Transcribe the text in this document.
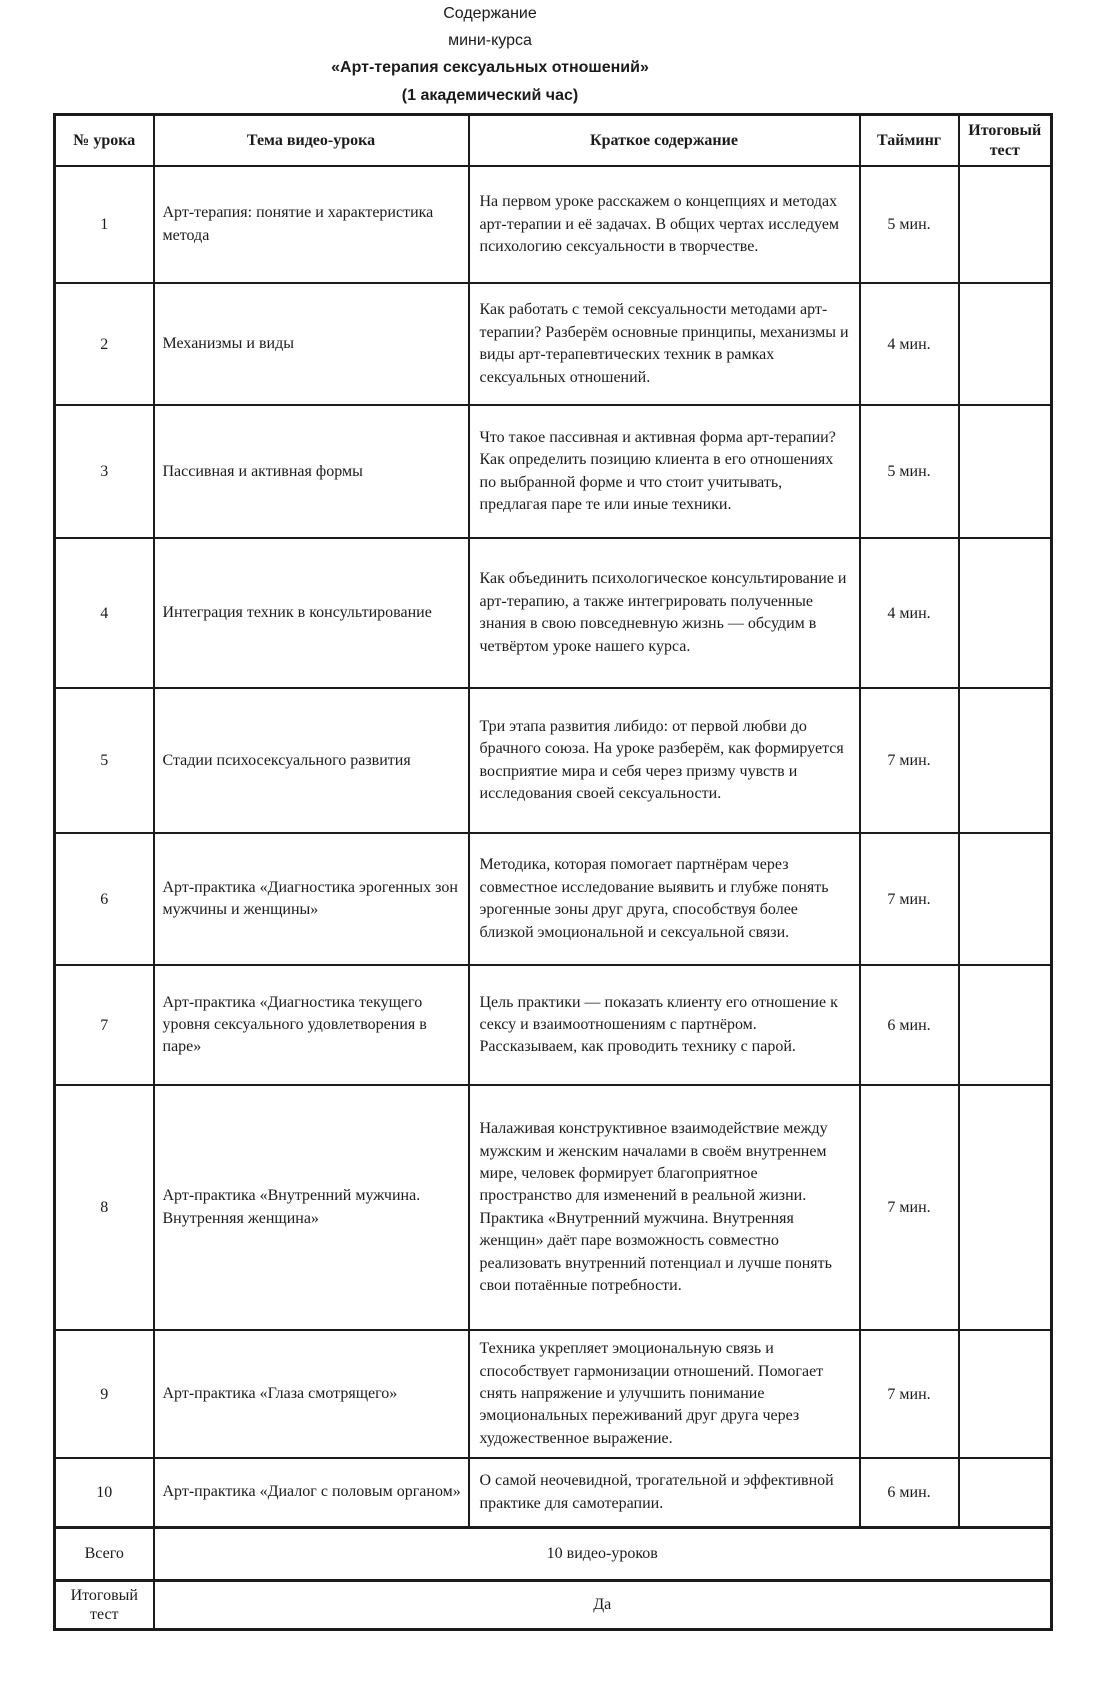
Содержание
мини-курса
«Арт-терапия сексуальных отношений»
(1 академический час)
№ урока	Тема видео-урока	Краткое содержание	Тайминг	Итоговый тест
1	Арт-терапия: понятие и характеристика метода	На первом уроке расскажем о концепциях и методах арт-терапии и её задачах. В общих чертах исследуем психологию сексуальности в творчестве.	5 мин.	
2	Механизмы и виды	Как работать с темой сексуальности методами арт-терапии? Разберём основные принципы, механизмы и виды арт-терапевтических техник в рамках сексуальных отношений.	4 мин.	
3	Пассивная и активная формы	Что такое пассивная и активная форма арт-терапии? Как определить позицию клиента в его отношениях по выбранной форме и что стоит учитывать, предлагая паре те или иные техники.	5 мин.	
4	Интеграция техник в консультирование	Как объединить психологическое консультирование и арт-терапию, а также интегрировать полученные знания в свою повседневную жизнь — обсудим в четвёртом уроке нашего курса.	4 мин.	
5	Стадии психосексуального развития	Три этапа развития либидо: от первой любви до брачного союза. На уроке разберём, как формируется восприятие мира и себя через призму чувств и исследования своей сексуальности.	7 мин.	
6	Арт-практика «Диагностика эрогенных зон мужчины и женщины»	Методика, которая помогает партнёрам через совместное исследование выявить и глубже понять эрогенные зоны друг друга, способствуя более близкой эмоциональной и сексуальной связи.	7 мин.	
7	Арт-практика «Диагностика текущего уровня сексуального удовлетворения в паре»	Цель практики — показать клиенту его отношение к сексу и взаимоотношениям с партнёром. Рассказываем, как проводить технику с парой.	6 мин.	
8	Арт-практика «Внутренний мужчина. Внутренняя женщина»	Налаживая конструктивное взаимодействие между мужским и женским началами в своём внутреннем мире, человек формирует благоприятное пространство для изменений в реальной жизни. Практика «Внутренний мужчина. Внутренняя женщин» даёт паре возможность совместно реализовать внутренний потенциал и лучше понять свои потаённые потребности.	7 мин.	
9	Арт-практика «Глаза смотрящего»	Техника укрепляет эмоциональную связь и способствует гармонизации отношений. Помогает снять напряжение и улучшить понимание эмоциональных переживаний друг друга через художественное выражение.	7 мин.	
10	Арт-практика «Диалог с половым органом»	О самой неочевидной, трогательной и эффективной практике для самотерапии.	6 мин.	
Всего	10 видео-уроков			
Итоговый тест	Да			
